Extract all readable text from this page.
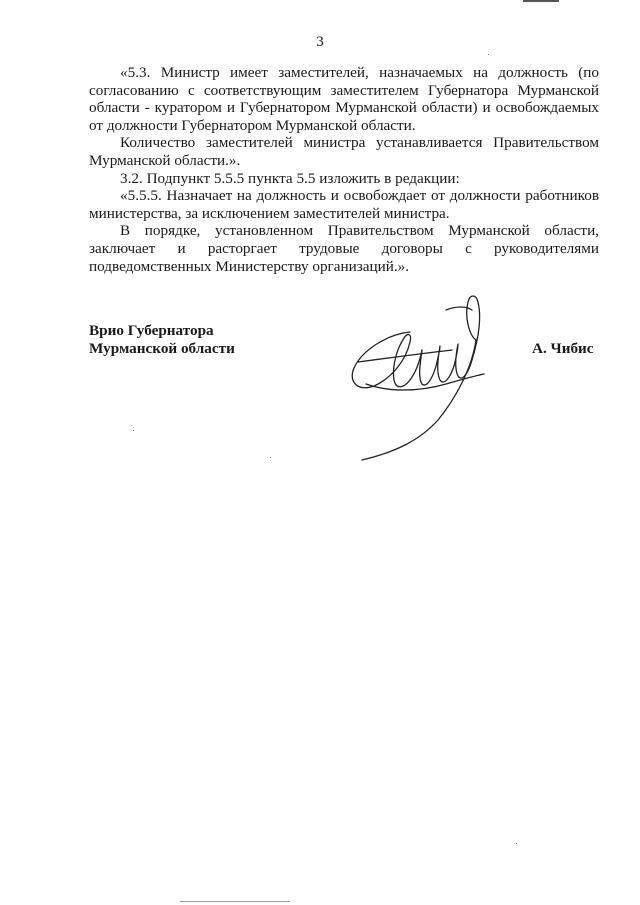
3

«5.3. Министр имеет заместителей, назначаемых на должность (по согласованию с соответствующим заместителем Губернатора Мурманской области - куратором и Губернатором Мурманской области) и освобождаемых от должности Губернатором Мурманской области.

Количество заместителей министра устанавливается Правительством Мурманской области.».

3.2. Подпункт 5.5.5 пункта 5.5 изложить в редакции:

«5.5.5. Назначает на должность и освобождает от должности работников министерства, за исключением заместителей министра.

В порядке, установленном Правительством Мурманской области, заключает и расторгает трудовые договоры с руководителями подведомственных Министерству организаций.».

Врио Губернатора
Мурманской области	А. Чибис
